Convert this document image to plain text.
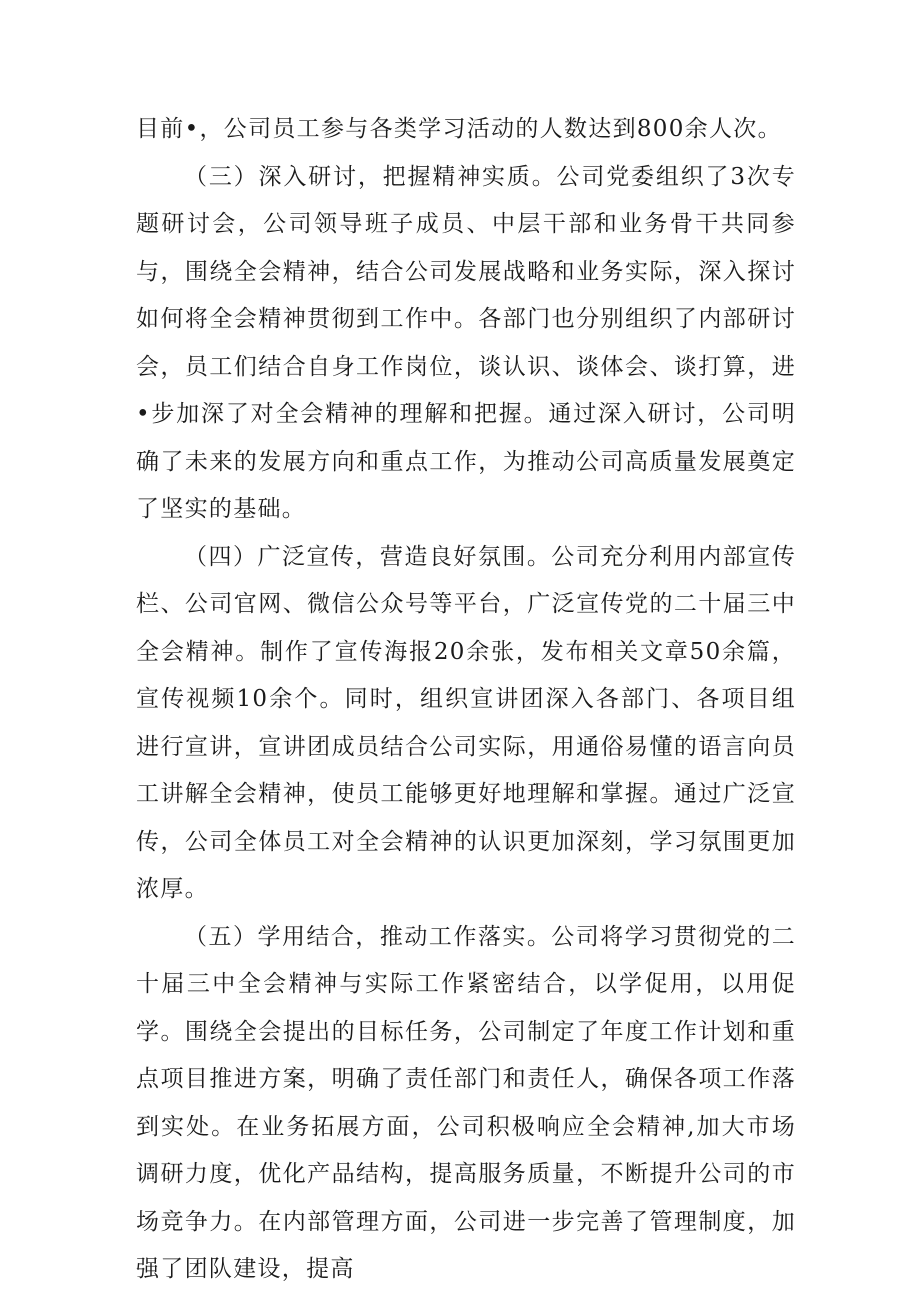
目前•，公司员工参与各类学习活动的人数达到800余人次。

（三）深入研讨，把握精神实质。公司党委组织了3次专题研讨会，公司领导班子成员、中层干部和业务骨干共同参与，围绕全会精神，结合公司发展战略和业务实际，深入探讨如何将全会精神贯彻到工作中。各部门也分别组织了内部研讨会，员工们结合自身工作岗位，谈认识、谈体会、谈打算，进•步加深了对全会精神的理解和把握。通过深入研讨，公司明确了未来的发展方向和重点工作，为推动公司高质量发展奠定了坚实的基础。

（四）广泛宣传，营造良好氛围。公司充分利用内部宣传栏、公司官网、微信公众号等平台，广泛宣传党的二十届三中全会精神。制作了宣传海报20余张，发布相关文章50余篇，宣传视频10余个。同时，组织宣讲团深入各部门、各项目组进行宣讲，宣讲团成员结合公司实际，用通俗易懂的语言向员工讲解全会精神，使员工能够更好地理解和掌握。通过广泛宣传，公司全体员工对全会精神的认识更加深刻，学习氛围更加浓厚。

（五）学用结合，推动工作落实。公司将学习贯彻党的二十届三中全会精神与实际工作紧密结合，以学促用，以用促学。围绕全会提出的目标任务，公司制定了年度工作计划和重点项目推进方案，明确了责任部门和责任人，确保各项工作落到实处。在业务拓展方面，公司积极响应全会精神,加大市场调研力度，优化产品结构，提高服务质量，不断提升公司的市场竞争力。在内部管理方面，公司进一步完善了管理制度，加强了团队建设，提高
